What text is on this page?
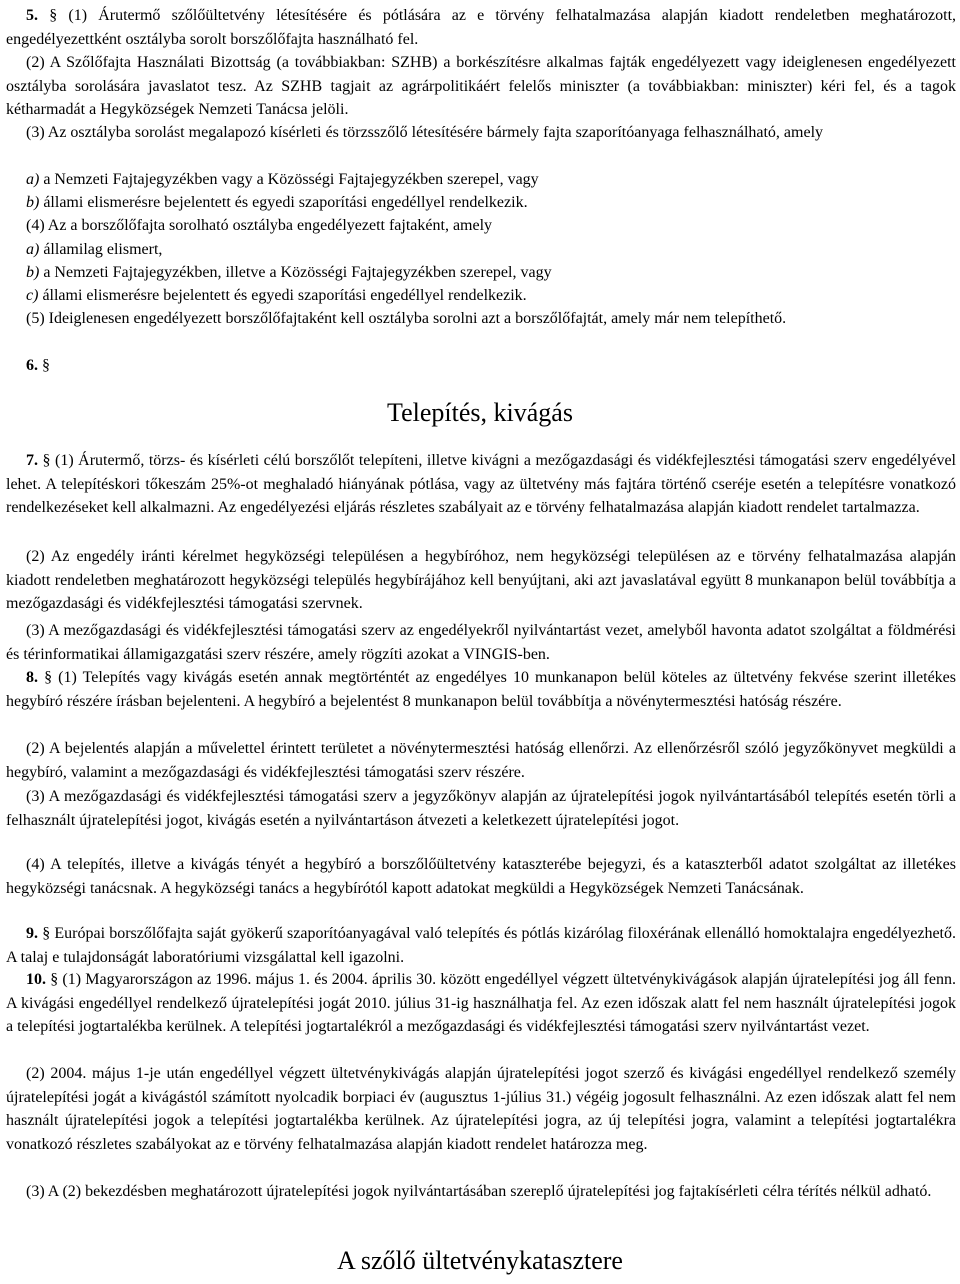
5. § (1) Árutermő szőlőültetvény létesítésére és pótlására az e törvény felhatalmazása alapján kiadott rendeletben meghatározott, engedélyezettként osztályba sorolt borszőlőfajta használható fel.

(2) A Szőlőfajta Használati Bizottság (a továbbiakban: SZHB) a borkészítésre alkalmas fajták engedélyezett vagy ideiglenesen engedélyezett osztályba sorolására javaslatot tesz. Az SZHB tagjait az agrárpolitikáért felelős miniszter (a továbbiakban: miniszter) kéri fel, és a tagok kétharmadát a Hegyközségek Nemzeti Tanácsa jelöli.

(3) Az osztályba sorolást megalapozó kísérleti és törzsszőlő létesítésére bármely fajta szaporítóanyaga felhasználható, amely

a) a Nemzeti Fajtajegyzékben vagy a Közösségi Fajtajegyzékben szerepel, vagy

b) állami elismerésre bejelentett és egyedi szaporítási engedéllyel rendelkezik.

(4) Az a borszőlőfajta sorolható osztályba engedélyezett fajtaként, amely

a) államilag elismert,

b) a Nemzeti Fajtajegyzékben, illetve a Közösségi Fajtajegyzékben szerepel, vagy

c) állami elismerésre bejelentett és egyedi szaporítási engedéllyel rendelkezik.

(5) Ideiglenesen engedélyezett borszőlőfajtaként kell osztályba sorolni azt a borszőlőfajtát, amely már nem telepíthető.

6. §

Telepítés, kivágás

7. § (1) Árutermő, törzs- és kísérleti célú borszőlőt telepíteni, illetve kivágni a mezőgazdasági és vidékfejlesztési támogatási szerv engedélyével lehet. A telepítéskori tőkeszám 25%-ot meghaladó hiányának pótlása, vagy az ültetvény más fajtára történő cseréje esetén a telepítésre vonatkozó rendelkezéseket kell alkalmazni. Az engedélyezési eljárás részletes szabályait az e törvény felhatalmazása alapján kiadott rendelet tartalmazza.

(2) Az engedély iránti kérelmet hegyközségi településen a hegybíróhoz, nem hegyközségi településen az e törvény felhatalmazása alapján kiadott rendeletben meghatározott hegyközségi település hegybírájához kell benyújtani, aki azt javaslatával együtt 8 munkanapon belül továbbítja a mezőgazdasági és vidékfejlesztési támogatási szervnek.

(3) A mezőgazdasági és vidékfejlesztési támogatási szerv az engedélyekről nyilvántartást vezet, amelyből havonta adatot szolgáltat a földmérési és térinformatikai államigazgatási szerv részére, amely rögzíti azokat a VINGIS-ben.

8. § (1) Telepítés vagy kivágás esetén annak megtörténtét az engedélyes 10 munkanapon belül köteles az ültetvény fekvése szerint illetékes hegybíró részére írásban bejelenteni. A hegybíró a bejelentést 8 munkanapon belül továbbítja a növénytermesztési hatóság részére.

(2) A bejelentés alapján a művelettel érintett területet a növénytermesztési hatóság ellenőrzi. Az ellenőrzésről szóló jegyzőkönyvet megküldi a hegybíró, valamint a mezőgazdasági és vidékfejlesztési támogatási szerv részére.

(3) A mezőgazdasági és vidékfejlesztési támogatási szerv a jegyzőkönyv alapján az újratelepítési jogok nyilvántartásából telepítés esetén törli a felhasznált újratelepítési jogot, kivágás esetén a nyilvántartáson átvezeti a keletkezett újratelepítési jogot.

(4) A telepítés, illetve a kivágás tényét a hegybíró a borszőlőültetvény kataszterébe bejegyzi, és a kataszterből adatot szolgáltat az illetékes hegyközségi tanácsnak. A hegyközségi tanács a hegybírótól kapott adatokat megküldi a Hegyközségek Nemzeti Tanácsának.

9. § Európai borszőlőfajta saját gyökerű szaporítóanyagával való telepítés és pótlás kizárólag filoxérának ellenálló homoktalajra engedélyezhető. A talaj e tulajdonságát laboratóriumi vizsgálattal kell igazolni.

10. § (1) Magyarországon az 1996. május 1. és 2004. április 30. között engedéllyel végzett ültetvénykivágások alapján újratelepítési jog áll fenn. A kivágási engedéllyel rendelkező újratelepítési jogát 2010. július 31-ig használhatja fel. Az ezen időszak alatt fel nem használt újratelepítési jogok a telepítési jogtartalékba kerülnek. A telepítési jogtartalékról a mezőgazdasági és vidékfejlesztési támogatási szerv nyilvántartást vezet.

(2) 2004. május 1-je után engedéllyel végzett ültetvénykivágás alapján újratelepítési jogot szerző és kivágási engedéllyel rendelkező személy újratelepítési jogát a kivágástól számított nyolcadik borpiaci év (augusztus 1-július 31.) végéig jogosult felhasználni. Az ezen időszak alatt fel nem használt újratelepítési jogok a telepítési jogtartalékba kerülnek. Az újratelepítési jogra, az új telepítési jogra, valamint a telepítési jogtartalékra vonatkozó részletes szabályokat az e törvény felhatalmazása alapján kiadott rendelet határozza meg.

(3) A (2) bekezdésben meghatározott újratelepítési jogok nyilvántartásában szereplő újratelepítési jog fajtakísérleti célra térítés nélkül adható.

A szőlő ültetvénykatasztere
